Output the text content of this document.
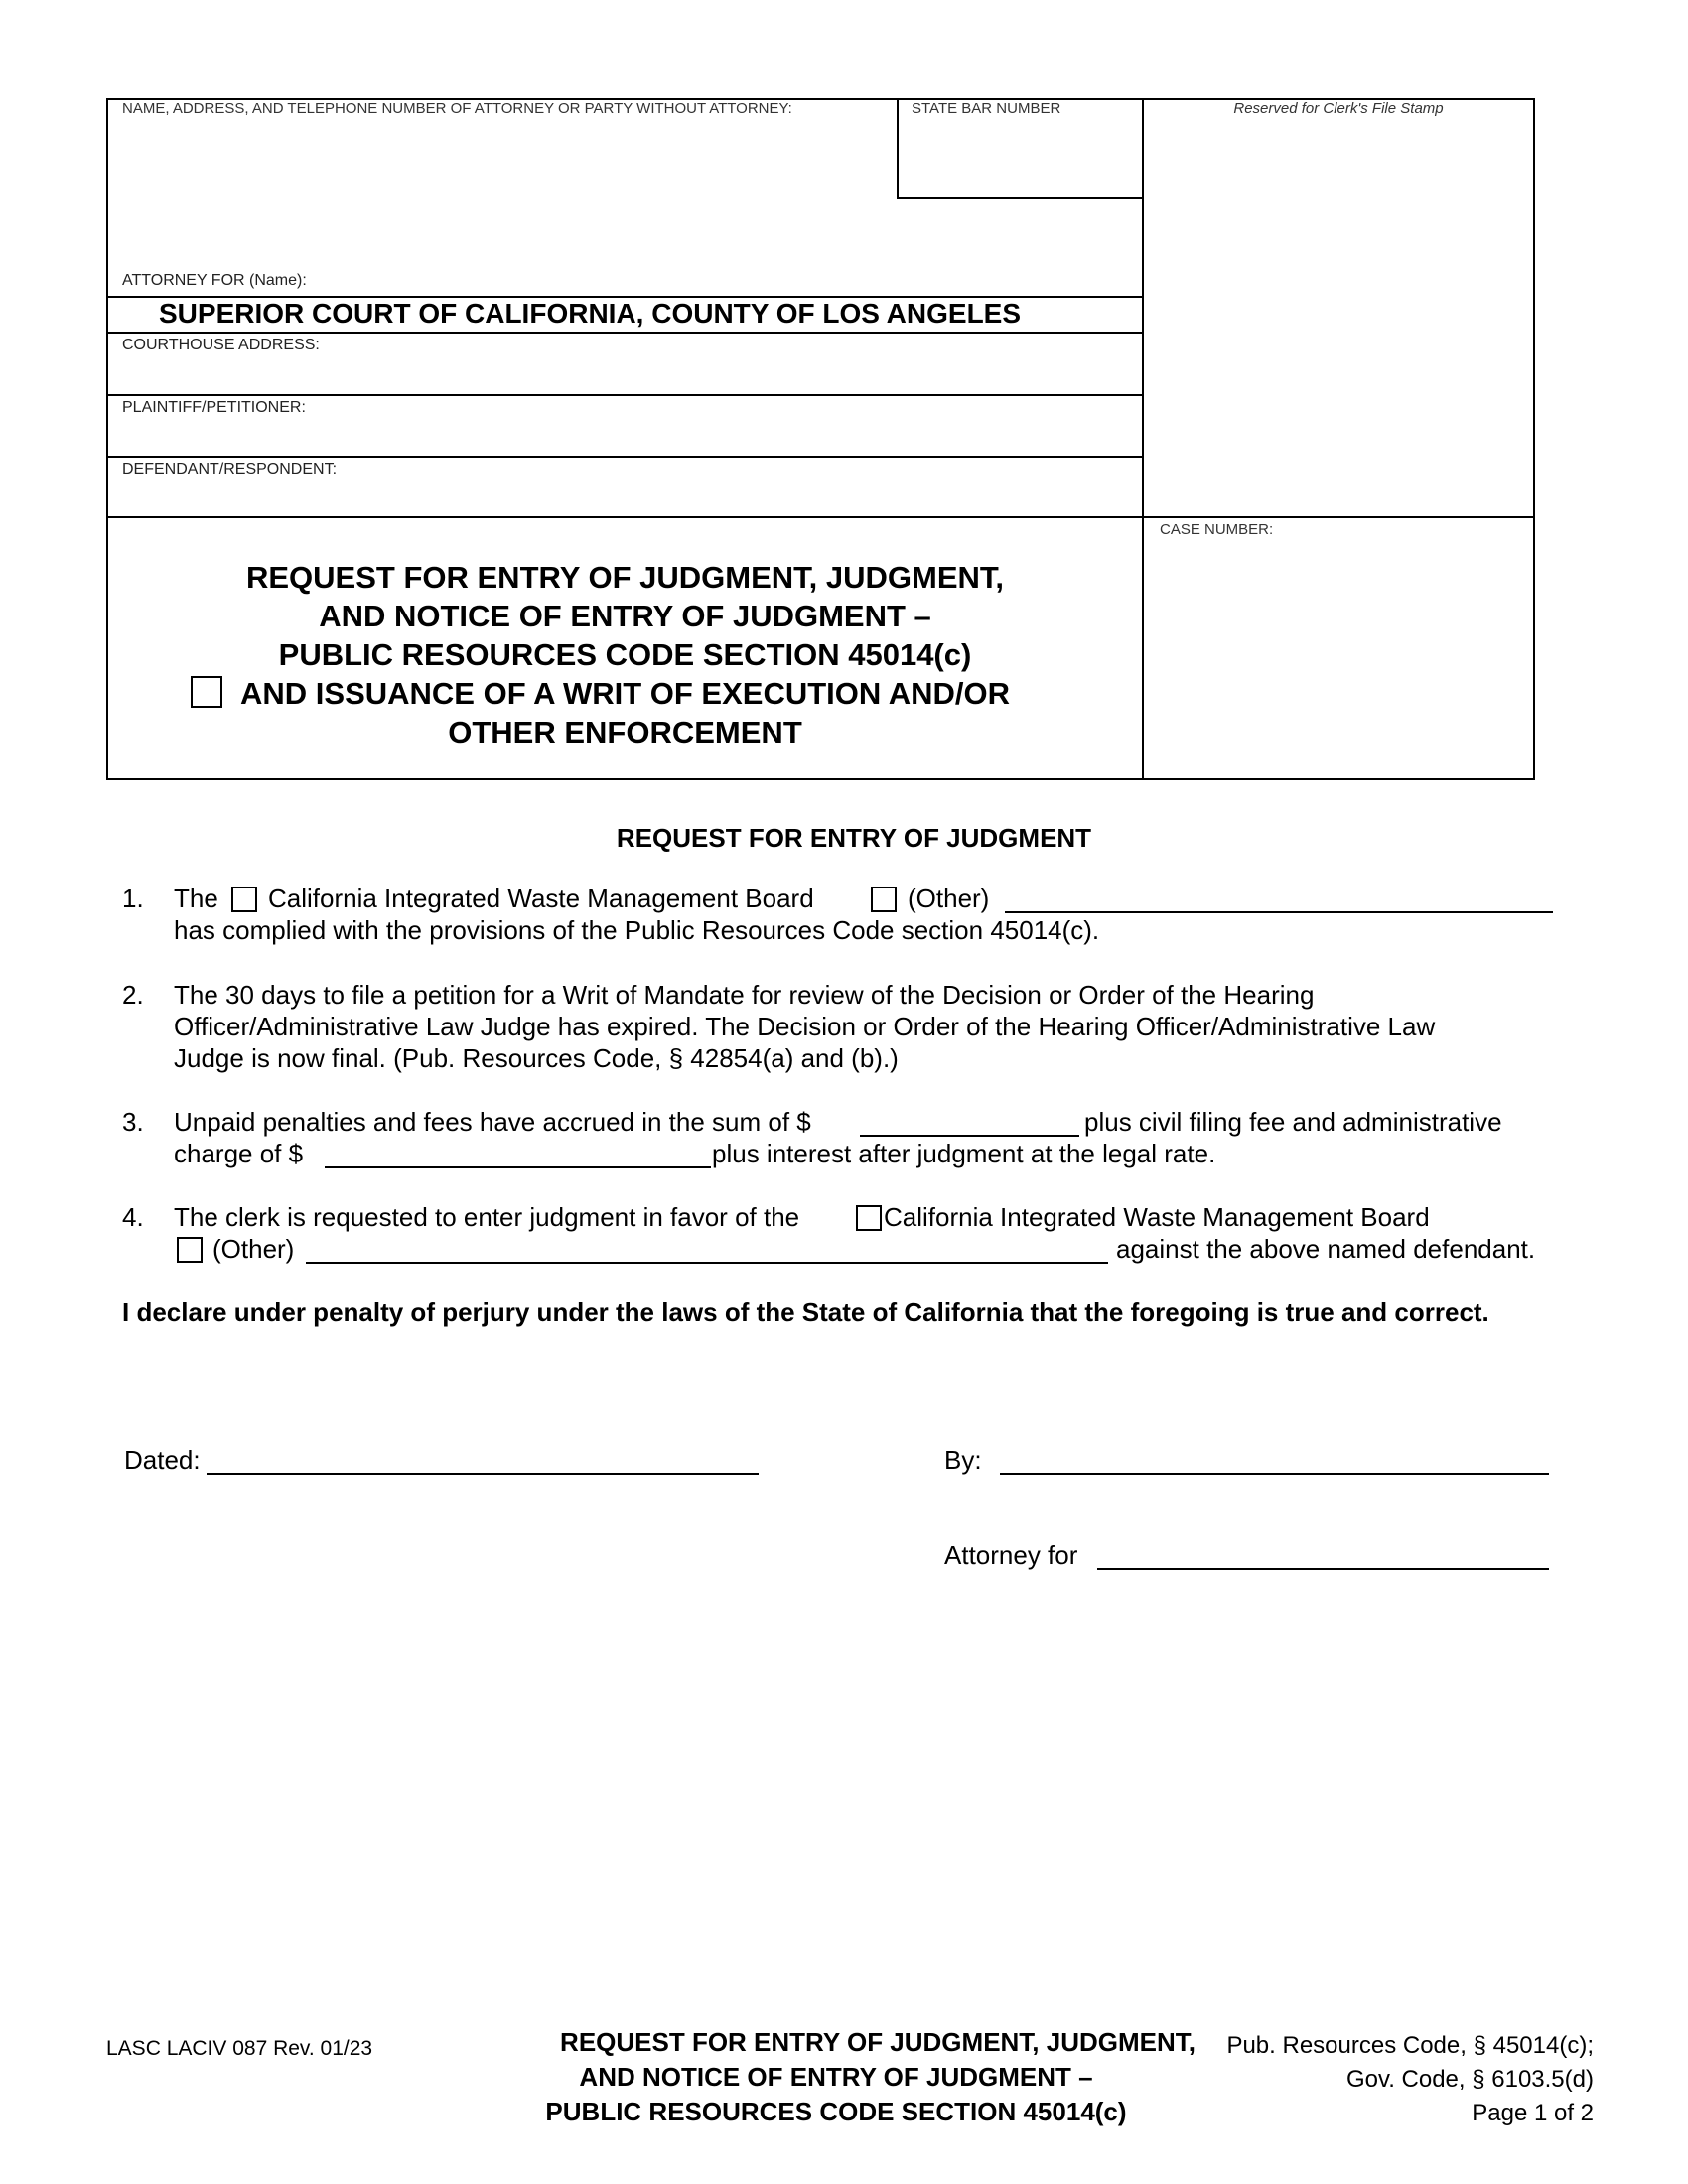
NAME, ADDRESS, AND TELEPHONE NUMBER OF ATTORNEY OR PARTY WITHOUT ATTORNEY:	STATE BAR NUMBER	Reserved for Clerk's File Stamp
ATTORNEY FOR (Name):
SUPERIOR COURT OF CALIFORNIA, COUNTY OF LOS ANGELES
COURTHOUSE ADDRESS:
PLAINTIFF/PETITIONER:
DEFENDANT/RESPONDENT:
CASE NUMBER:
REQUEST FOR ENTRY OF JUDGMENT, JUDGMENT,
AND NOTICE OF ENTRY OF JUDGMENT –
PUBLIC RESOURCES CODE SECTION 45014(c)
AND ISSUANCE OF A WRIT OF EXECUTION AND/OR
OTHER ENFORCEMENT
REQUEST FOR ENTRY OF JUDGMENT
1. The California Integrated Waste Management Board	(Other)
has complied with the provisions of the Public Resources Code section 45014(c).
2. The 30 days to file a petition for a Writ of Mandate for review of the Decision or Order of the Hearing
Officer/Administrative Law Judge has expired. The Decision or Order of the Hearing Officer/Administrative Law
Judge is now final. (Pub. Resources Code, § 42854(a) and (b).)
3. Unpaid penalties and fees have accrued in the sum of $	plus civil filing fee and administrative
charge of $	plus interest after judgment at the legal rate.
4. The clerk is requested to enter judgment in favor of the	California Integrated Waste Management Board
(Other)	against the above named defendant.
I declare under penalty of perjury under the laws of the State of California that the foregoing is true and correct.
Dated:	By:
Attorney for
LASC LACIV 087 Rev. 01/23	REQUEST FOR ENTRY OF JUDGMENT, JUDGMENT,
AND NOTICE OF ENTRY OF JUDGMENT –
PUBLIC RESOURCES CODE SECTION 45014(c)
Pub. Resources Code, § 45014(c);
Gov. Code, § 6103.5(d)
Page 1 of 2
